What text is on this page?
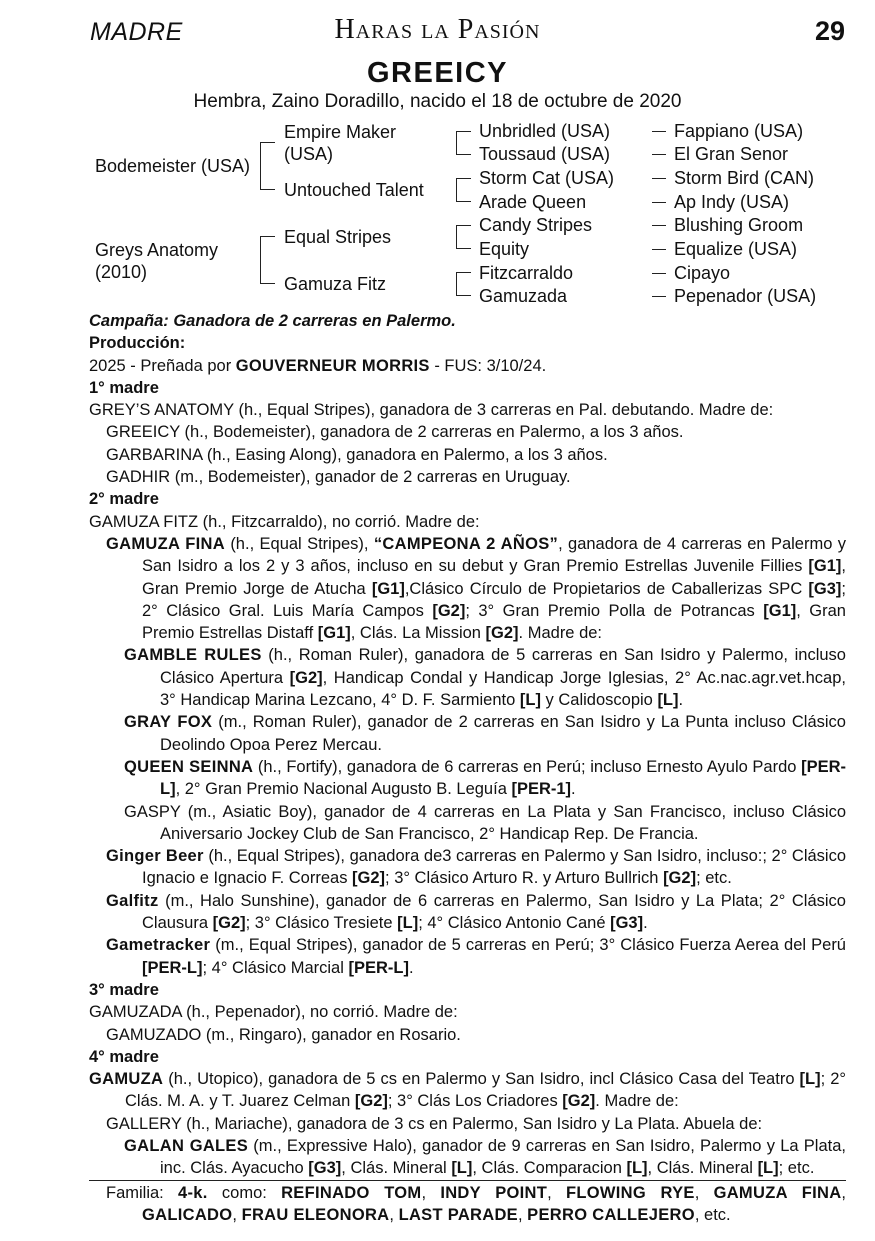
MADRE	Haras la Pasión	29
GREEICY
Hembra, Zaino Doradillo, nacido el 18 de octubre de 2020
Bodemeister (USA)
Greys Anatomy
(2010)
Empire Maker
(USA)
Untouched Talent
Equal Stripes
Gamuza Fitz
Unbridled (USA)
Toussaud (USA)
Storm Cat (USA)
Arade Queen
Candy Stripes
Equity
Fitzcarraldo
Gamuzada
Fappiano (USA)
El Gran Senor
Storm Bird (CAN)
Ap Indy (USA)
Blushing Groom
Equalize (USA)
Cipayo
Pepenador (USA)

Campaña: Ganadora de 2 carreras en Palermo.

Producción:

2025 - Preñada por GOUVERNEUR MORRIS - FUS: 3/10/24.

1° madre

GREY’S ANATOMY (h., Equal Stripes), ganadora de 3 carreras en Pal. debutando. Madre de:

GREEICY (h., Bodemeister), ganadora de 2 carreras en Palermo, a los 3 años.

GARBARINA (h., Easing Along), ganadora en Palermo, a los 3 años.

GADHIR (m., Bodemeister), ganador de 2 carreras en Uruguay.

2° madre

GAMUZA FITZ (h., Fitzcarraldo), no corrió. Madre de:

GAMUZA FINA (h., Equal Stripes), “CAMPEONA 2 AÑOS”, ganadora de 4 carreras en Palermo y San Isidro a los 2 y 3 años, incluso en su debut y Gran Premio Estrellas Juvenile Fillies [G1], Gran Premio Jorge de Atucha [G1],Clásico Círculo de Propietarios de Caballerizas SPC [G3]; 2° Clásico Gral. Luis María Campos [G2]; 3° Gran Premio Polla de Potrancas [G1], Gran Premio Estrellas Distaff [G1], Clás. La Mission [G2]. Madre de:

GAMBLE RULES (h., Roman Ruler), ganadora de 5 carreras en San Isidro y Palermo, incluso Clásico Apertura [G2], Handicap Condal y Handicap Jorge Iglesias, 2° Ac.nac.agr.vet.hcap, 3° Handicap Marina Lezcano, 4° D. F. Sarmiento [L] y Calidoscopio [L].

GRAY FOX (m., Roman Ruler), ganador de 2 carreras en San Isidro y La Punta incluso Clásico Deolindo Opoa Perez Mercau.

QUEEN SEINNA (h., Fortify), ganadora de 6 carreras en Perú; incluso Ernesto Ayulo Pardo [PER-L], 2° Gran Premio Nacional Augusto B. Leguía [PER-1].

GASPY (m., Asiatic Boy), ganador de 4 carreras en La Plata y San Francisco, incluso Clásico Aniversario Jockey Club de San Francisco, 2° Handicap Rep. De Francia.

Ginger Beer (h., Equal Stripes), ganadora de3 carreras en Palermo y San Isidro, incluso:; 2° Clásico Ignacio e Ignacio F. Correas [G2]; 3° Clásico Arturo R. y Arturo Bullrich [G2]; etc.

Galfitz (m., Halo Sunshine), ganador de 6 carreras en Palermo, San Isidro y La Plata; 2° Clásico Clausura [G2]; 3° Clásico Tresiete [L]; 4° Clásico Antonio Cané [G3].

Gametracker (m., Equal Stripes), ganador de 5 carreras en Perú; 3° Clásico Fuerza Aerea del Perú [PER-L]; 4° Clásico Marcial [PER-L].

3° madre

GAMUZADA (h., Pepenador), no corrió. Madre de:

GAMUZADO (m., Ringaro), ganador en Rosario.

4° madre

GAMUZA (h., Utopico), ganadora de 5 cs en Palermo y San Isidro, incl Clásico Casa del Teatro [L]; 2° Clás. M. A. y T. Juarez Celman [G2]; 3° Clás Los Criadores [G2]. Madre de:

GALLERY (h., Mariache), ganadora de 3 cs en Palermo, San Isidro y La Plata. Abuela de:

GALAN GALES (m., Expressive Halo), ganador de 9 carreras en San Isidro, Palermo y La Plata, inc. Clás. Ayacucho [G3], Clás. Mineral [L], Clás. Comparacion [L], Clás. Mineral [L]; etc.

Familia: 4-k. como: REFINADO TOM, INDY POINT, FLOWING RYE, GAMUZA FINA, GALICADO, FRAU ELEONORA, LAST PARADE, PERRO CALLEJERO, etc.
